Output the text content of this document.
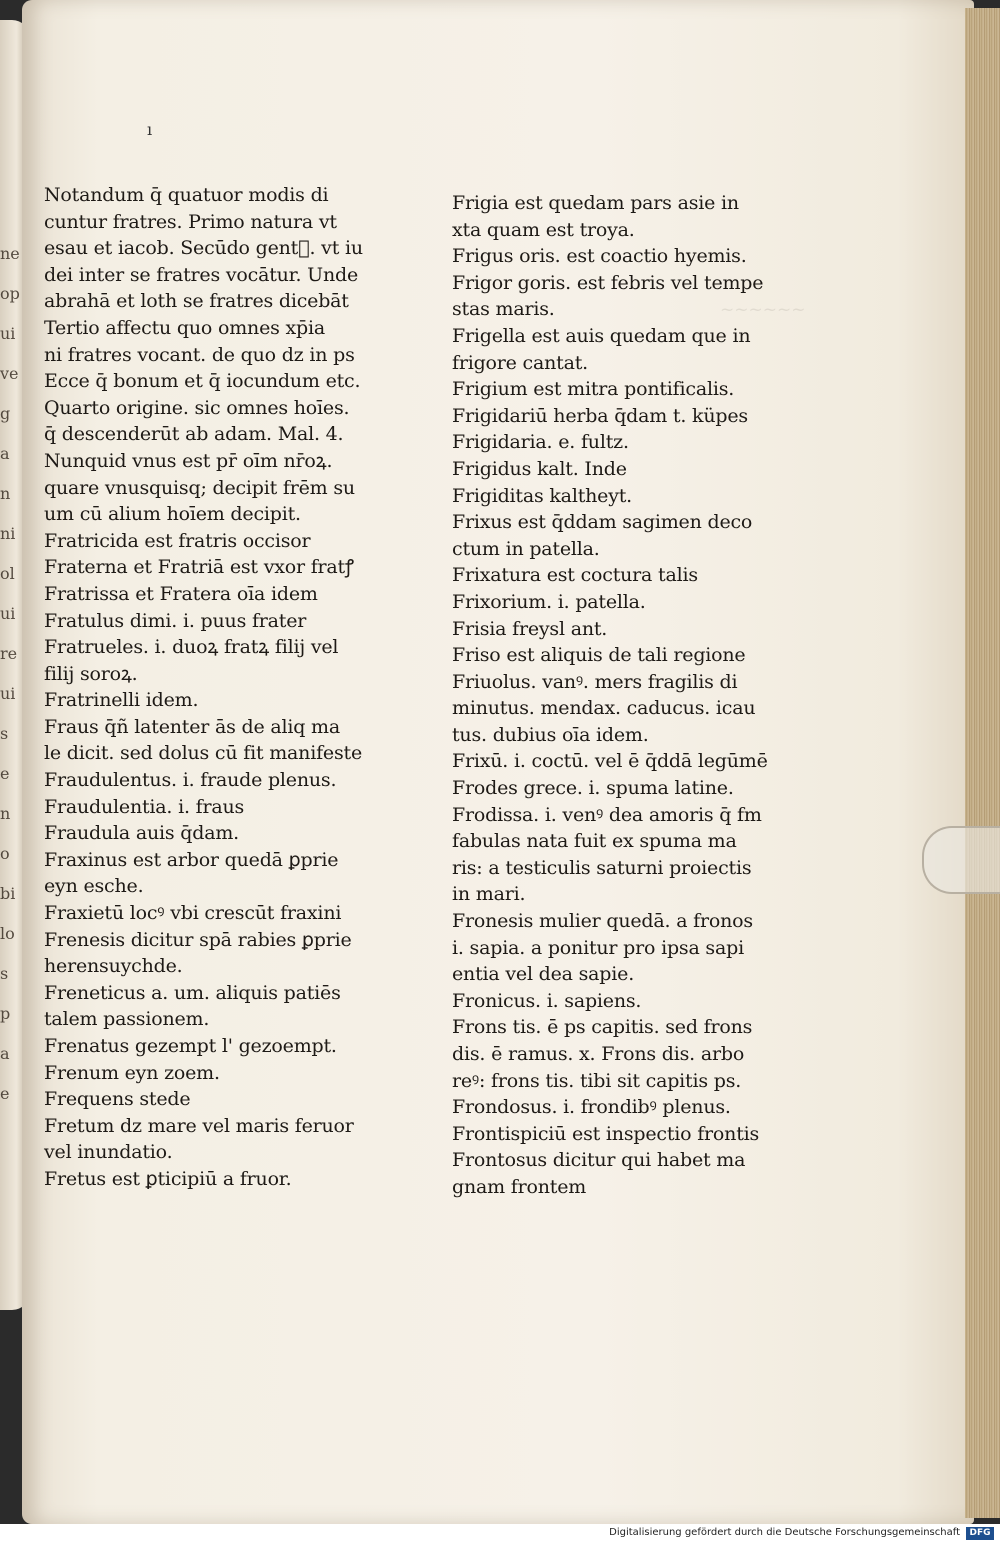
ne
op
ui
ve
g
a
n
ni
ol
ui
re
ui
s
e
n
o
bi
lo
s
p
a
e
~~~~~~
ı
Notandum q̄ quatuor modis di
cuntur fratres. Primo natura vt
esau et iacob. Secūdo gent᷑. vt iu
dei inter se fratres vocātur. Unde
abrahā et loth se fratres dicebāt
Tertio affectu quo omnes xp̄ia
ni fratres vocant. de quo dz in ps
Ecce q̄ bonum et q̄ iocundum etc.
Quarto origine. sic omnes hoīes.
q̄ descenderūt ab adam. Mal. 4.
Nunquid vnus est pr̄ oīm nr̄oꝝ.
quare vnusquisq; decipit frēm su
um cū alium hoīem decipit.
Fratricida est fratris occisor
Fraterna et Fratriā est vxor fratꝭ
Fratrissa et Fratera oīa idem
Fratulus dimi. i. puus frater
Fratrueles. i. duoꝝ fratꝝ filij vel
filij soroꝝ.
Fratrinelli idem.
Fraus q̄ñ latenter ās de aliq ma
le dicit. sed dolus cū fit manifeste
Fraudulentus. i. fraude plenus.
Fraudulentia. i. fraus
Fraudula auis q̄dam.
Fraxinus est arbor quedā ꝑprie
eyn esche.
Fraxietū locꝰ vbi crescūt fraxini
Frenesis dicitur spā rabies ꝑprie
herensuychde.
Freneticus a. um. aliquis patiēs
talem passionem.
Frenatus gezempt l' gezoempt.
Frenum eyn zoem.
Frequens stede
Fretum dz mare vel maris feruor
vel inundatio.
Fretus est ꝑticipiū a fruor.
Frigia est quedam pars asie in
xta quam est troya.
Frigus oris. est coactio hyemis.
Frigor goris. est febris vel tempe
stas maris.
Frigella est auis quedam que in
frigore cantat.
Frigium est mitra pontificalis.
Frigidariū herba q̄dam t. küpes
Frigidaria. e. fultz.
Frigidus kalt. Inde
Frigiditas kaltheyt.
Frixus est q̄ddam sagimen deco
ctum in patella.
Frixatura est coctura talis
Frixorium. i. patella.
Frisia freysl ant.
Friso est aliquis de tali regione
Friuolus. vanꝰ. mers fragilis di
minutus. mendax. caducus. icau
tus. dubius oīa idem.
Frixū. i. coctū. vel ē q̄ddā legūmē
Frodes grece. i. spuma latine.
Frodissa. i. venꝰ dea amoris q̄ fm
fabulas nata fuit ex spuma ma
ris: a testiculis saturni proiectis
in mari.
Fronesis mulier quedā. a fronos
i. sapia. a ponitur pro ipsa sapi
entia vel dea sapie.
Fronicus. i. sapiens.
Frons tis. ē ps capitis. sed frons
dis. ē ramus. x. Frons dis. arbo
reꝰ: frons tis. tibi sit capitis ps.
Frondosus. i. frondibꝰ plenus.
Frontispiciū est inspectio frontis
Frontosus dicitur qui habet ma
gnam frontem
Digitalisierung gefördert durch die Deutsche Forschungsgemeinschaft	DFG
